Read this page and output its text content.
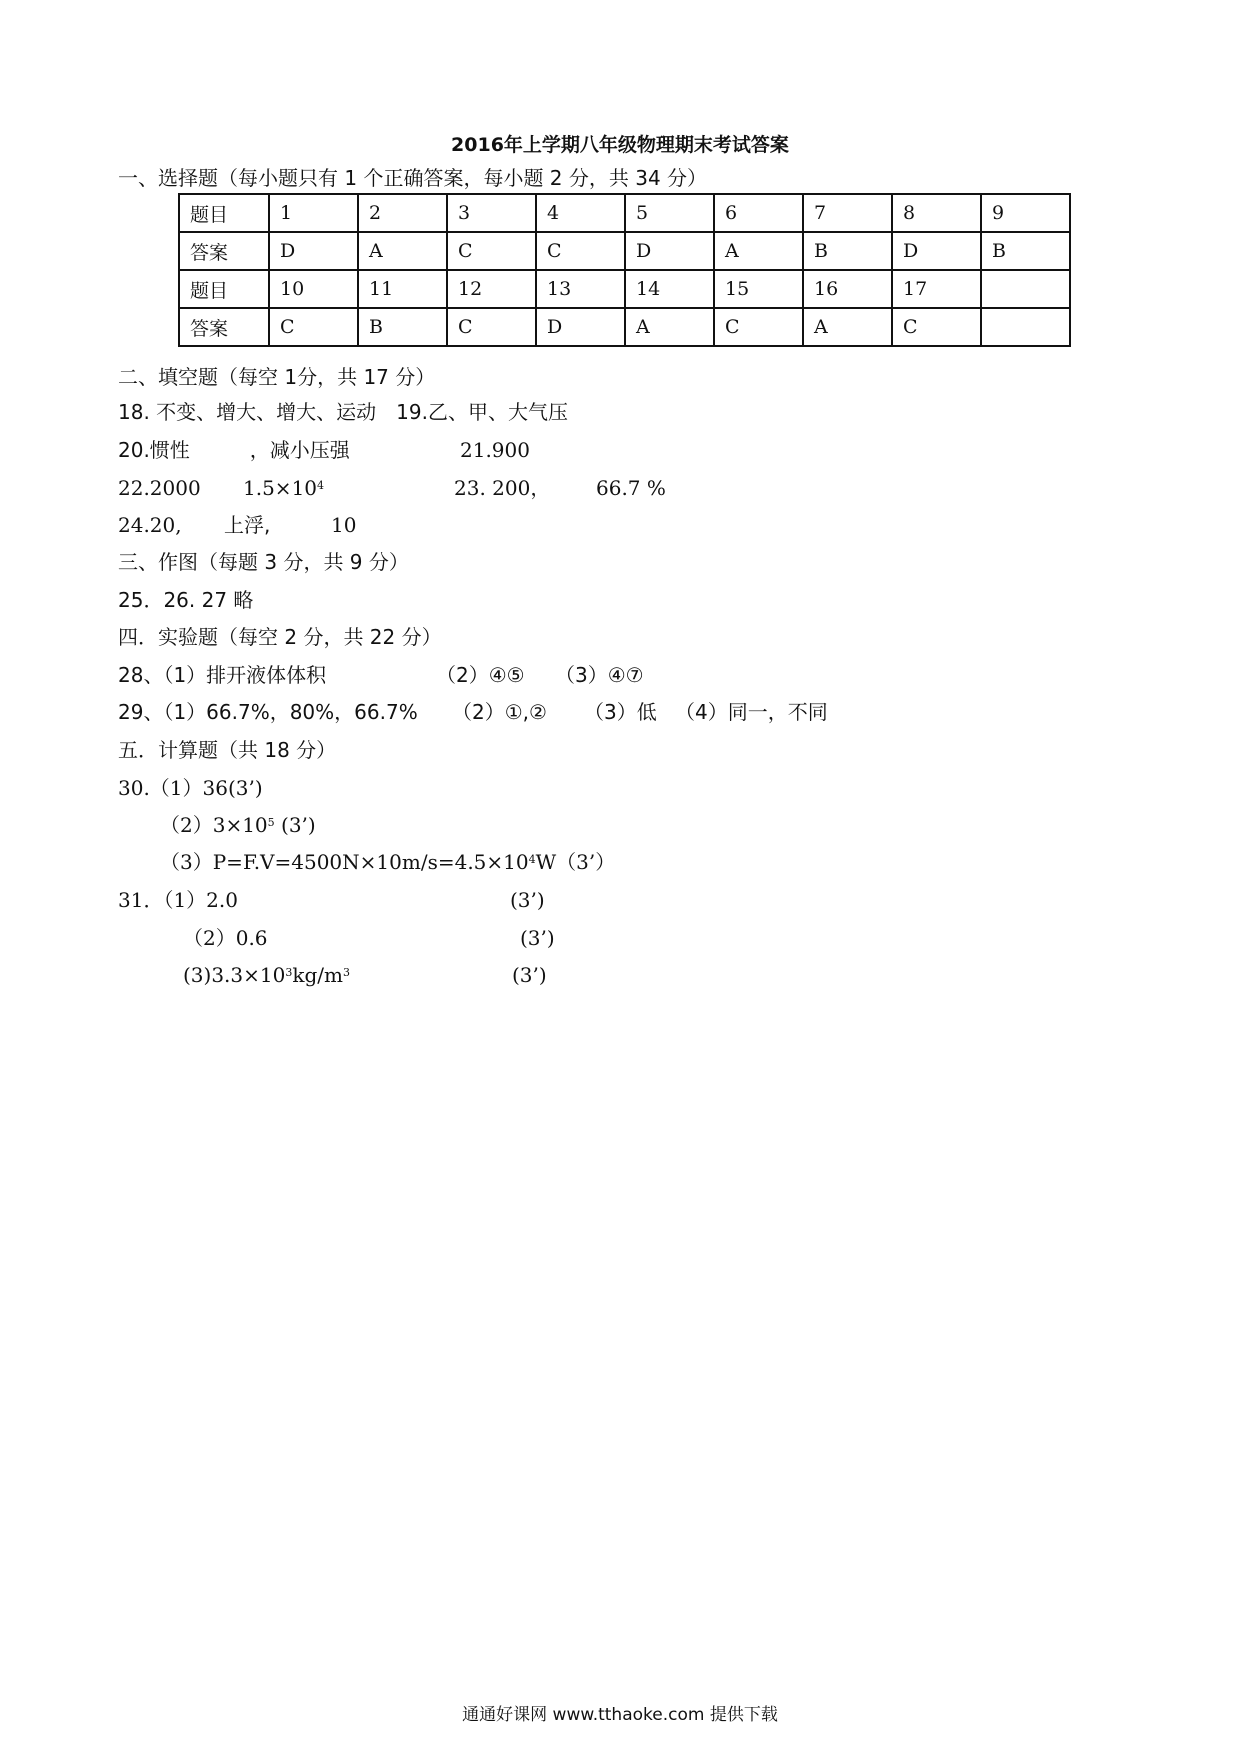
2016年上学期八年级物理期末考试答案
一、选择题（每小题只有 1 个正确答案，每小题 2 分，共 34 分）
题目	1	2	3	4	5	6	7	8	9
答案	D	A	C	C	D	A	B	D	B
题目	10	11	12	13	14	15	16	17	
答案	C	B	C	D	A	C	A	C	
二、填空题（每空 1分，共 17 分）
18. 不变、增大、增大、运动　19.乙、甲、大气压
20.惯性　　　，减小压强	21.900
22.2000 $1.5\times 10^4$	23. 200， 66.7 %
24.20, 上浮,	10
三、作图（每题 3 分，共 9 分）
25．26. 27 略
四．实验题（每空 2 分，共 22 分）
28、（1）排开液体体积	（2）④⑤ （3）④⑦
29、（1）66.7%，80%，66.7% （2）①,② （3）低 （4）同一，不同
五．计算题（共 18 分）
30.（1）36(3’)
$(2)3\times 10^5$ (3’)
$(3)P=F.V=4500N\times 10m/s=4.5\times 10^4W(3’)$
31．（1）2.0	(3’)
（2）0.6	(3’)
$(3)3.3\times 10^3kg/m^3$	(3’)
通通好课网 www.tthaoke.com 提供下载
